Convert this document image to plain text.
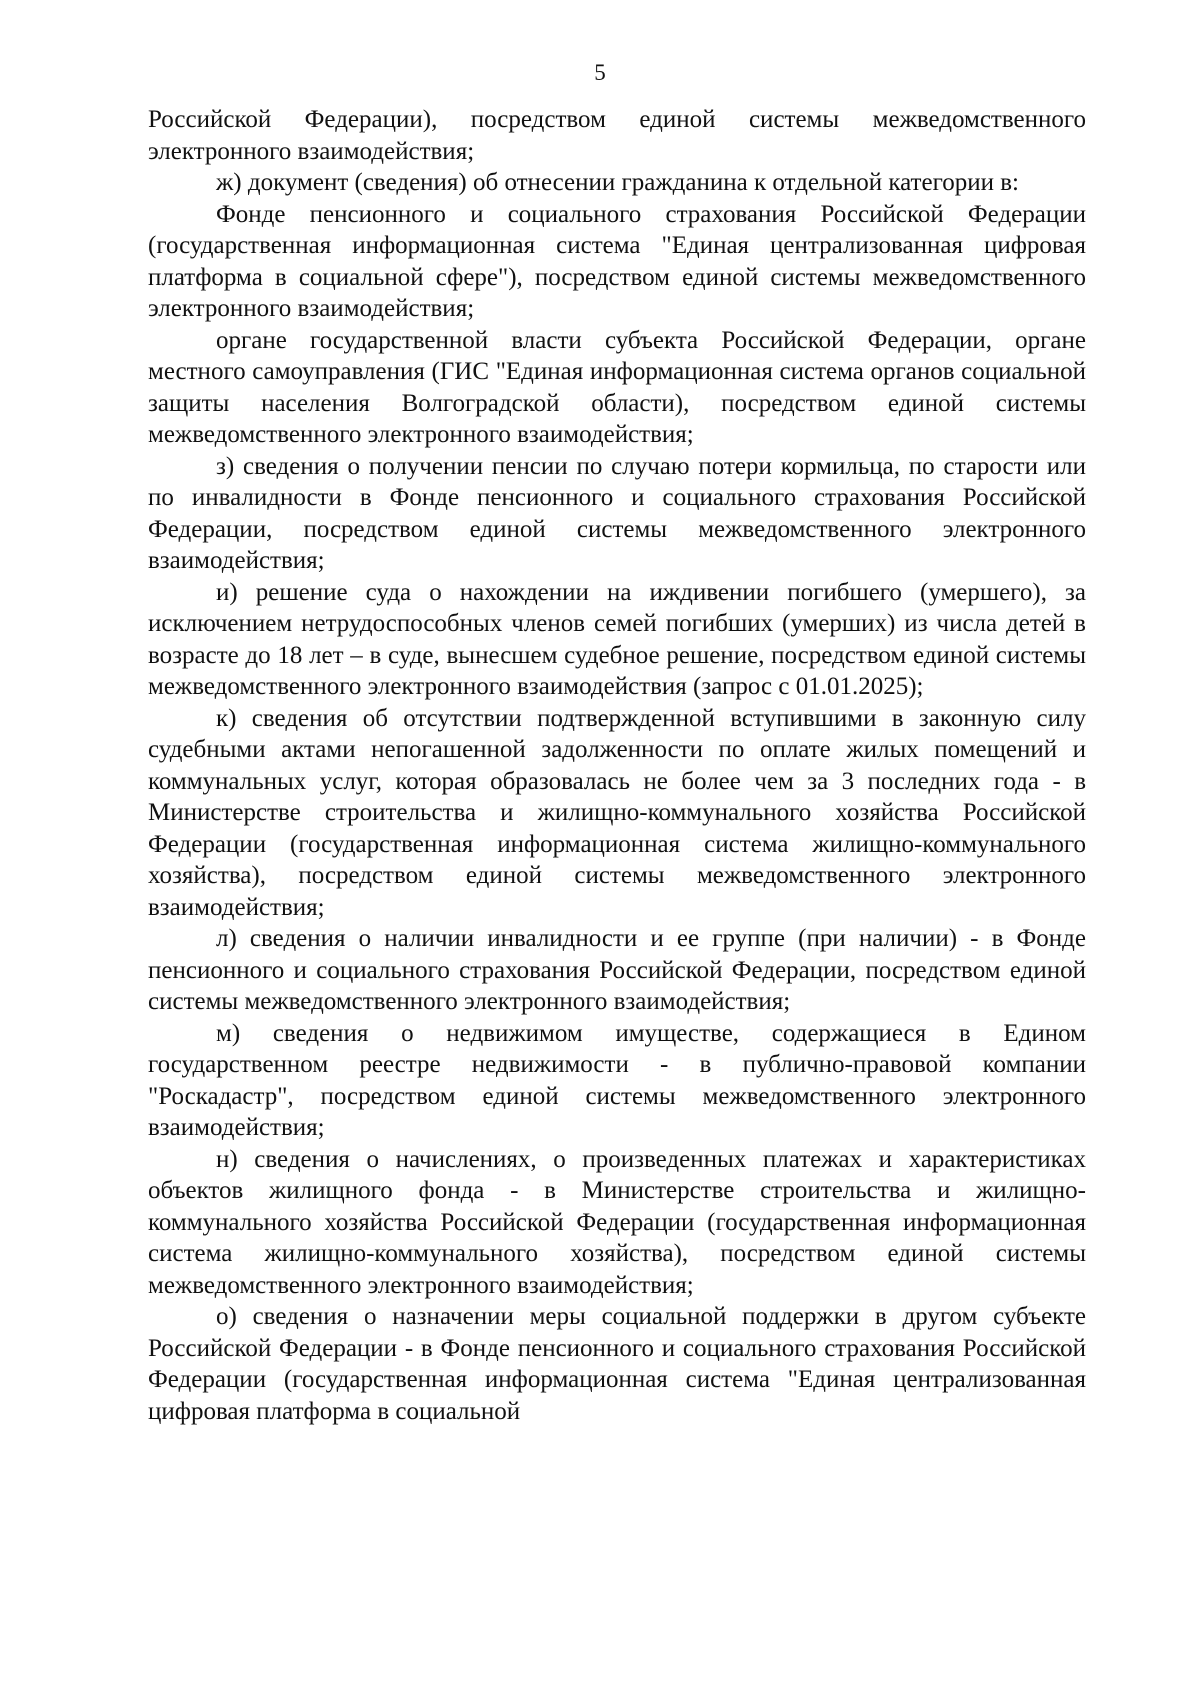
5

Российской Федерации), посредством единой системы межведомственного электронного взаимодействия;

ж) документ (сведения) об отнесении гражданина к отдельной категории в:

Фонде пенсионного и социального страхования Российской Федерации (государственная информационная система "Единая централизованная цифровая платформа в социальной сфере"), посредством единой системы межведомственного электронного взаимодействия;

органе государственной власти субъекта Российской Федерации, органе местного самоуправления (ГИС "Единая информационная система органов социальной защиты населения Волгоградской области), посредством единой системы межведомственного электронного взаимодействия;

з) сведения о получении пенсии по случаю потери кормильца, по старости или по инвалидности в Фонде пенсионного и социального страхования Российской Федерации, посредством единой системы межведомственного электронного взаимодействия;

и) решение суда о нахождении на иждивении погибшего (умершего), за исключением нетрудоспособных членов семей погибших (умерших) из числа детей в возрасте до 18 лет – в суде, вынесшем судебное решение, посредством единой системы межведомственного электронного взаимодействия (запрос с 01.01.2025);

к) сведения об отсутствии подтвержденной вступившими в законную силу судебными актами непогашенной задолженности по оплате жилых помещений и коммунальных услуг, которая образовалась не более чем за 3 последних года - в Министерстве строительства и жилищно-коммунального хозяйства Российской Федерации (государственная информационная система жилищно-коммунального хозяйства), посредством единой системы межведомственного электронного взаимодействия;

л) сведения о наличии инвалидности и ее группе (при наличии) - в Фонде пенсионного и социального страхования Российской Федерации, посредством единой системы межведомственного электронного взаимодействия;

м) сведения о недвижимом имуществе, содержащиеся в Едином государственном реестре недвижимости - в публично-правовой компании "Роскадастр", посредством единой системы межведомственного электронного взаимодействия;

н) сведения о начислениях, о произведенных платежах и характеристиках объектов жилищного фонда - в Министерстве строительства и жилищно-коммунального хозяйства Российской Федерации (государственная информационная система жилищно-коммунального хозяйства), посредством единой системы межведомственного электронного взаимодействия;

о) сведения о назначении меры социальной поддержки в другом субъекте Российской Федерации - в Фонде пенсионного и социального страхования Российской Федерации (государственная информационная система "Единая централизованная цифровая платформа в социальной
